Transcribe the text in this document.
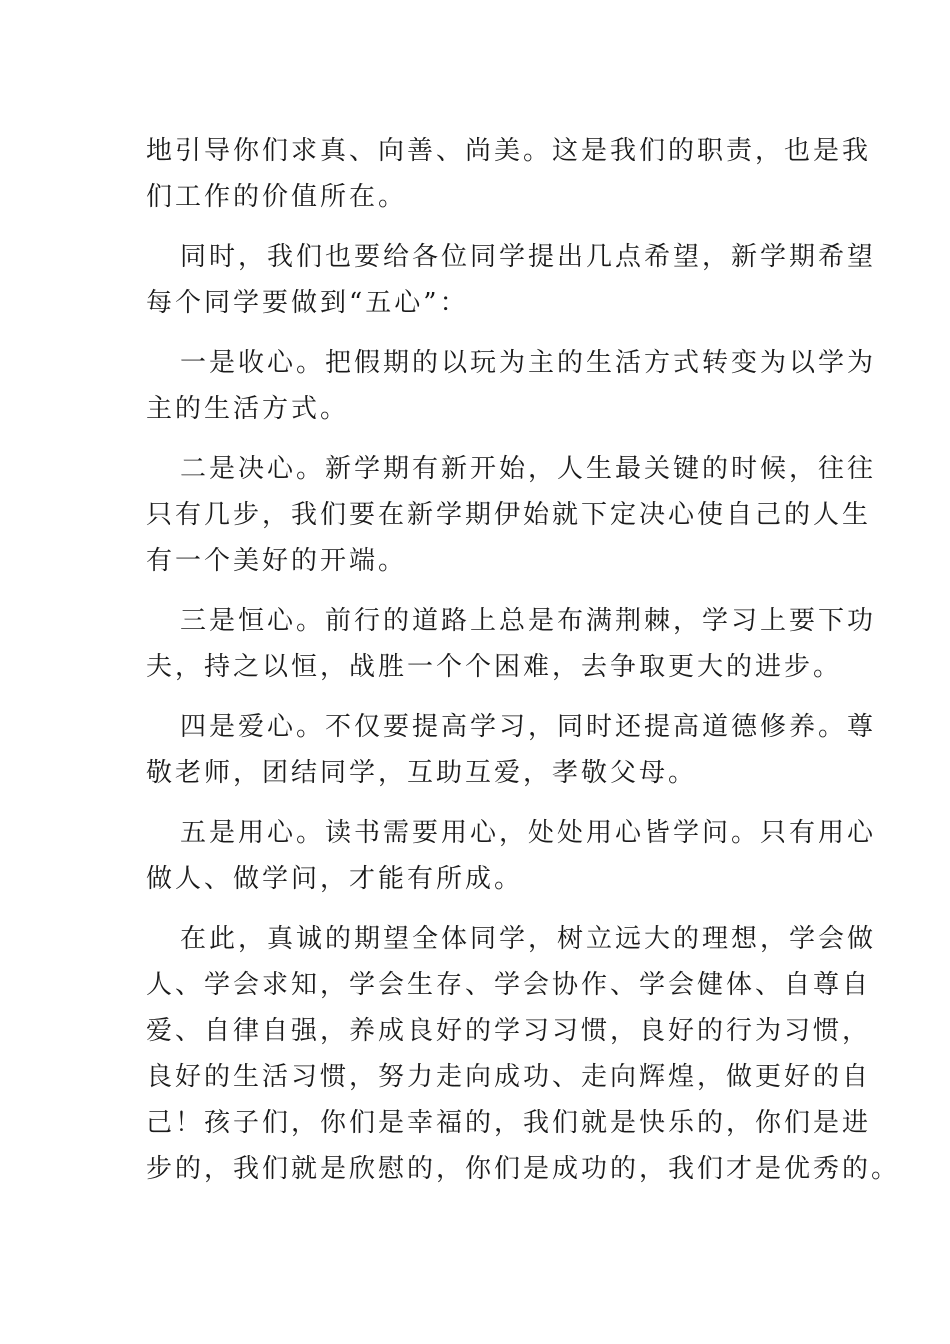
地引导你们求真、向善、尚美。这是我们的职责，也是我
们工作的价值所在。

同时，我们也要给各位同学提出几点希望，新学期希望
每个同学要做到“五心”：

一是收心。把假期的以玩为主的生活方式转变为以学为
主的生活方式。

二是决心。新学期有新开始，人生最关键的时候，往往
只有几步，我们要在新学期伊始就下定决心使自己的人生
有一个美好的开端。

三是恒心。前行的道路上总是布满荆棘，学习上要下功
夫，持之以恒，战胜一个个困难，去争取更大的进步。

四是爱心。不仅要提高学习，同时还提高道德修养。尊
敬老师，团结同学，互助互爱，孝敬父母。

五是用心。读书需要用心，处处用心皆学问。只有用心
做人、做学问，才能有所成。

在此，真诚的期望全体同学，树立远大的理想，学会做
人、学会求知，学会生存、学会协作、学会健体、自尊自
爱、自律自强，养成良好的学习习惯，良好的行为习惯，
良好的生活习惯，努力走向成功、走向辉煌，做更好的自
己！孩子们，你们是幸福的，我们就是快乐的，你们是进
步的，我们就是欣慰的，你们是成功的，我们才是优秀的。
